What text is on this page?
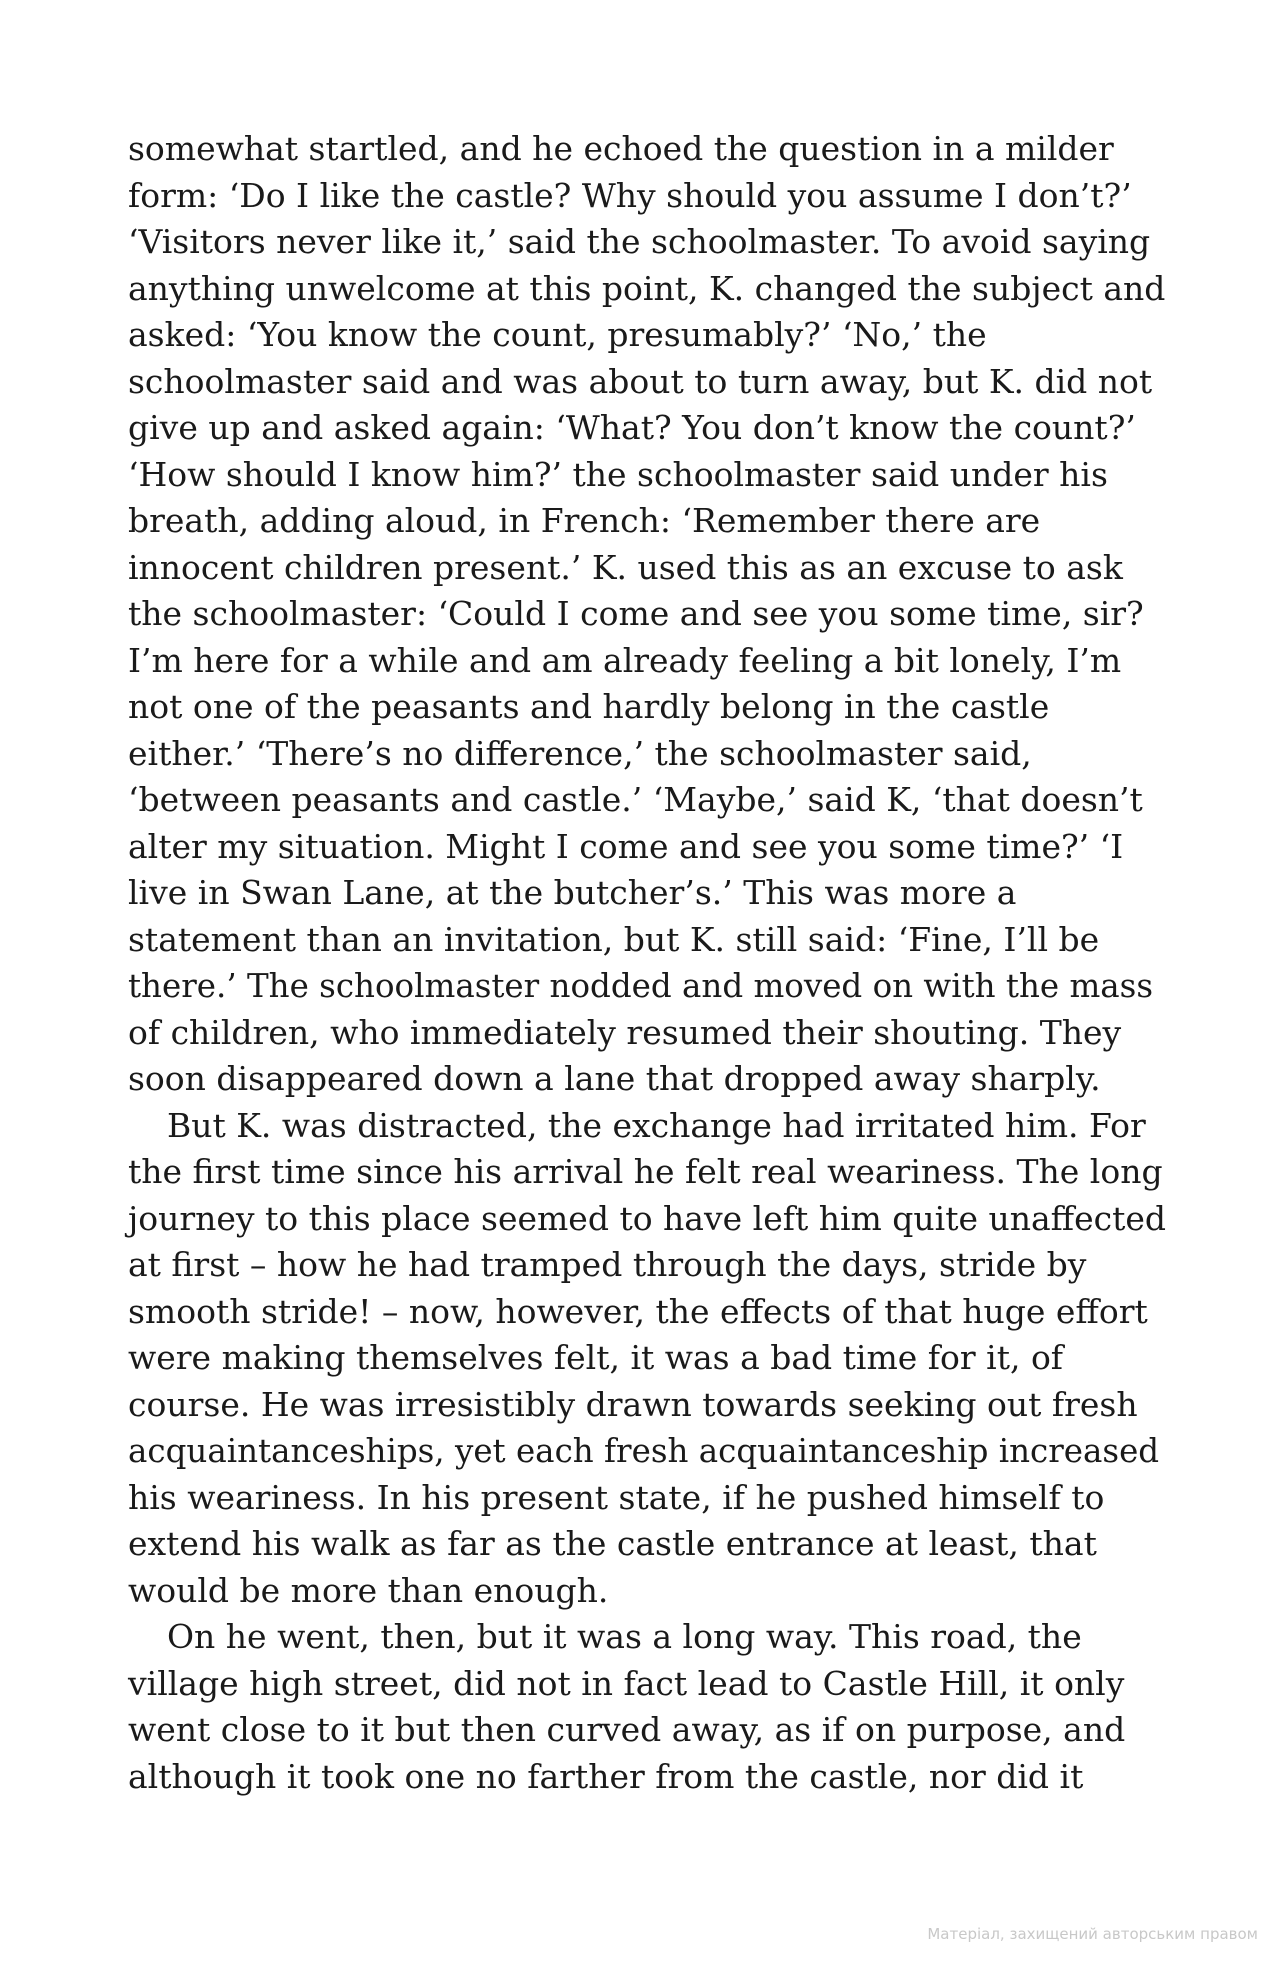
somewhat startled, and he echoed the question in a milder
form: ‘Do I like the castle? Why should you assume I don’t?’
‘Visitors never like it,’ said the schoolmaster. To avoid saying
anything unwelcome at this point, K. changed the subject and
asked: ‘You know the count, presumably?’ ‘No,’ the
schoolmaster said and was about to turn away, but K. did not
give up and asked again: ‘What? You don’t know the count?’
‘How should I know him?’ the schoolmaster said under his
breath, adding aloud, in French: ‘Remember there are
innocent children present.’ K. used this as an excuse to ask
the schoolmaster: ‘Could I come and see you some time, sir?
I’m here for a while and am already feeling a bit lonely, I’m
not one of the peasants and hardly belong in the castle
either.’ ‘There’s no difference,’ the schoolmaster said,
‘between peasants and castle.’ ‘Maybe,’ said K, ‘that doesn’t
alter my situation. Might I come and see you some time?’ ‘I
live in Swan Lane, at the butcher’s.’ This was more a
statement than an invitation, but K. still said: ‘Fine, I’ll be
there.’ The schoolmaster nodded and moved on with the mass
of children, who immediately resumed their shouting. They
soon disappeared down a lane that dropped away sharply.
But K. was distracted, the exchange had irritated him. For
the first time since his arrival he felt real weariness. The long
journey to this place seemed to have left him quite unaffected
at first – how he had tramped through the days, stride by
smooth stride! – now, however, the effects of that huge effort
were making themselves felt, it was a bad time for it, of
course. He was irresistibly drawn towards seeking out fresh
acquaintanceships, yet each fresh acquaintanceship increased
his weariness. In his present state, if he pushed himself to
extend his walk as far as the castle entrance at least, that
would be more than enough.
On he went, then, but it was a long way. This road, the
village high street, did not in fact lead to Castle Hill, it only
went close to it but then curved away, as if on purpose, and
although it took one no farther from the castle, nor did it
Матеріал, захищений авторським правом
